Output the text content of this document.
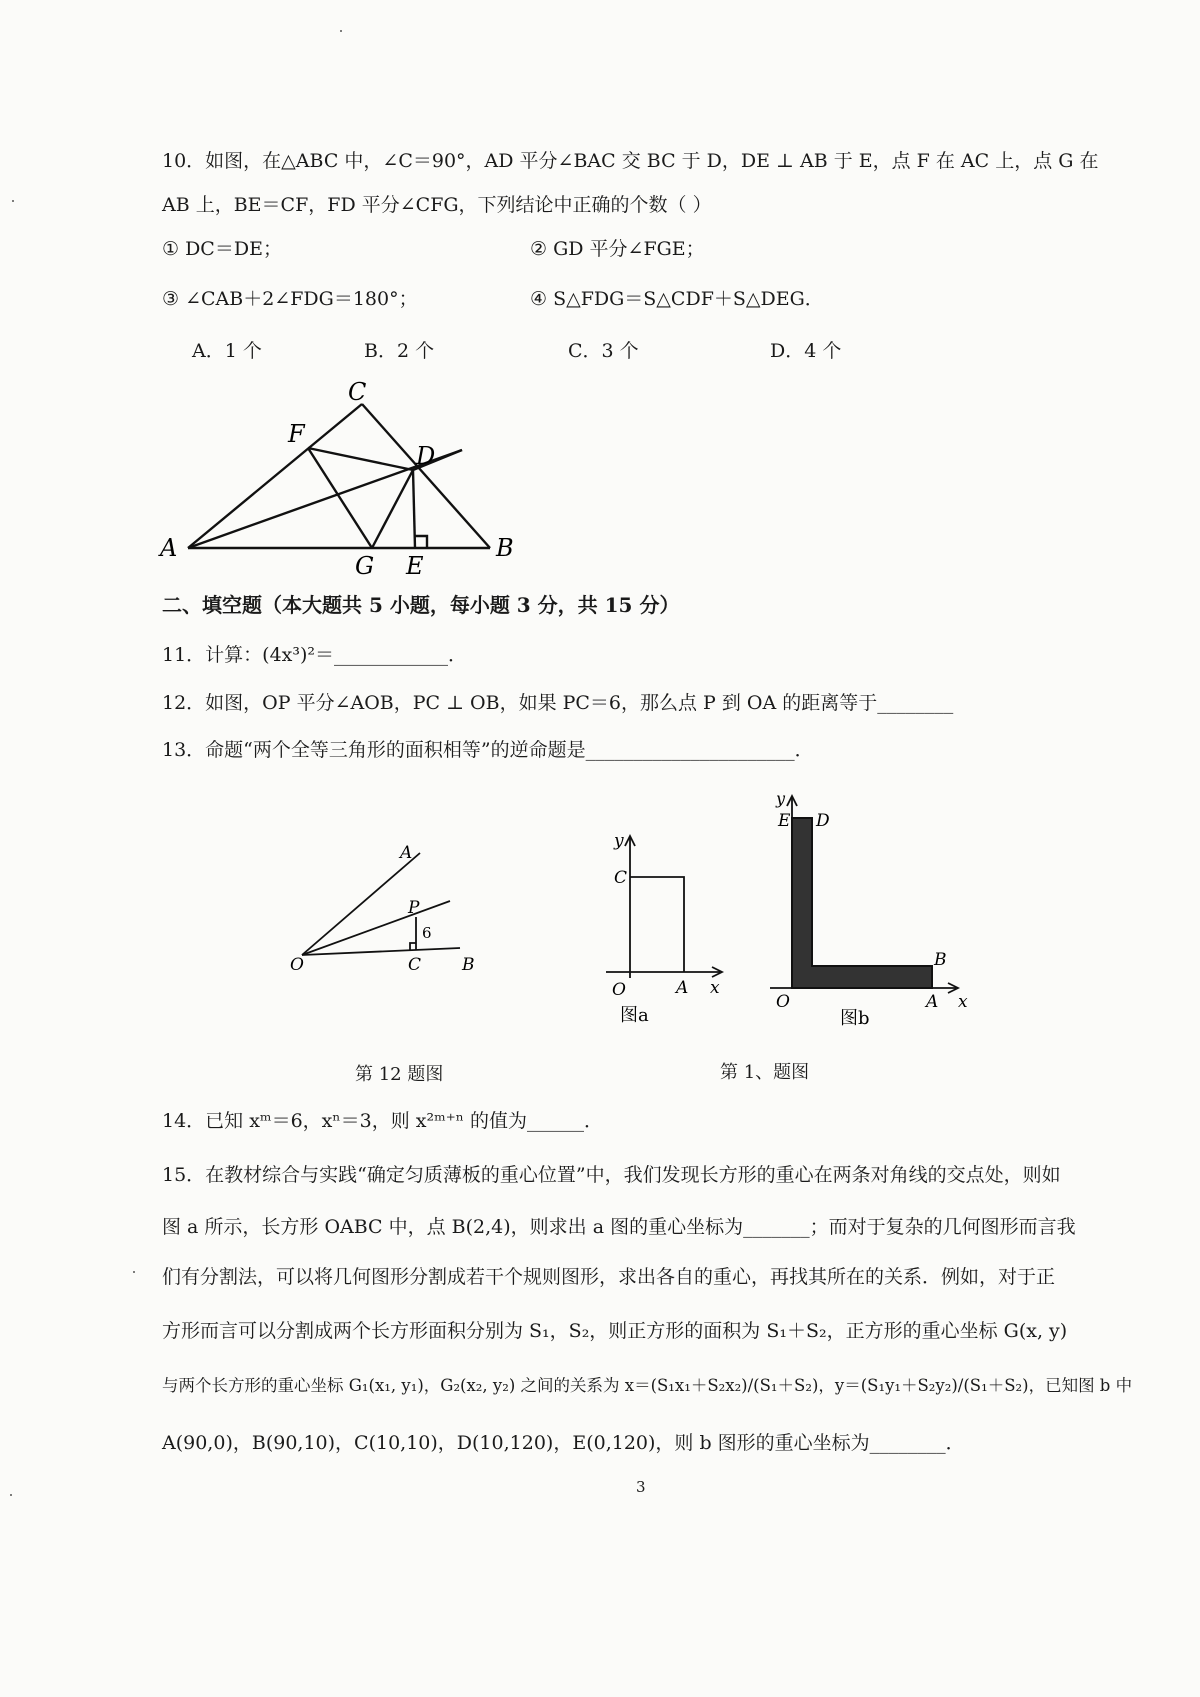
10．如图，在△ABC 中，∠C＝90°，AD 平分∠BAC 交 BC 于 D，DE ⊥ AB 于 E，点 F 在 AC 上，点 G 在
AB 上，BE＝CF，FD 平分∠CFG，下列结论中正确的个数（ ）
① DC＝DE；	② GD 平分∠FGE；
③ ∠CAB＋2∠FDG＝180°；	④ S△FDG＝S△CDF＋S△DEG．
A．1 个	B．2 个	C．3 个	D．4 个
C
F
D
A	B
G E
二、填空题（本大题共 5 小题，每小题 3 分，共 15 分）
11．计算：(4x³)²＝____________．
12．如图，OP 平分∠AOB，PC ⊥ OB，如果 PC＝6，那么点 P 到 OA 的距离等于________
13．命题“两个全等三角形的面积相等”的逆命题是______________________．
A
P
6
O	C B
第 12 题图
y
C
O	A x
图a
y
E D
B
O	A x
图b
第 1、题图
14．已知 xᵐ＝6，xⁿ＝3，则 x²ᵐ⁺ⁿ 的值为______．
15．在教材综合与实践“确定匀质薄板的重心位置”中，我们发现长方形的重心在两条对角线的交点处，则如
图 a 所示，长方形 OABC 中，点 B(2,4)，则求出 a 图的重心坐标为_______；而对于复杂的几何图形而言我
们有分割法，可以将几何图形分割成若干个规则图形，求出各自的重心，再找其所在的关系．例如，对于正
方形而言可以分割成两个长方形面积分别为 S₁，S₂，则正方形的面积为 S₁＋S₂，正方形的重心坐标 G(x, y)
与两个长方形的重心坐标 G₁(x₁, y₁)，G₂(x₂, y₂) 之间的关系为 x＝(S₁x₁＋S₂x₂)/(S₁＋S₂)，y＝(S₁y₁＋S₂y₂)/(S₁＋S₂)，已知图 b 中
A(90,0)，B(90,10)，C(10,10)，D(10,120)，E(0,120)，则 b 图形的重心坐标为________．
3
